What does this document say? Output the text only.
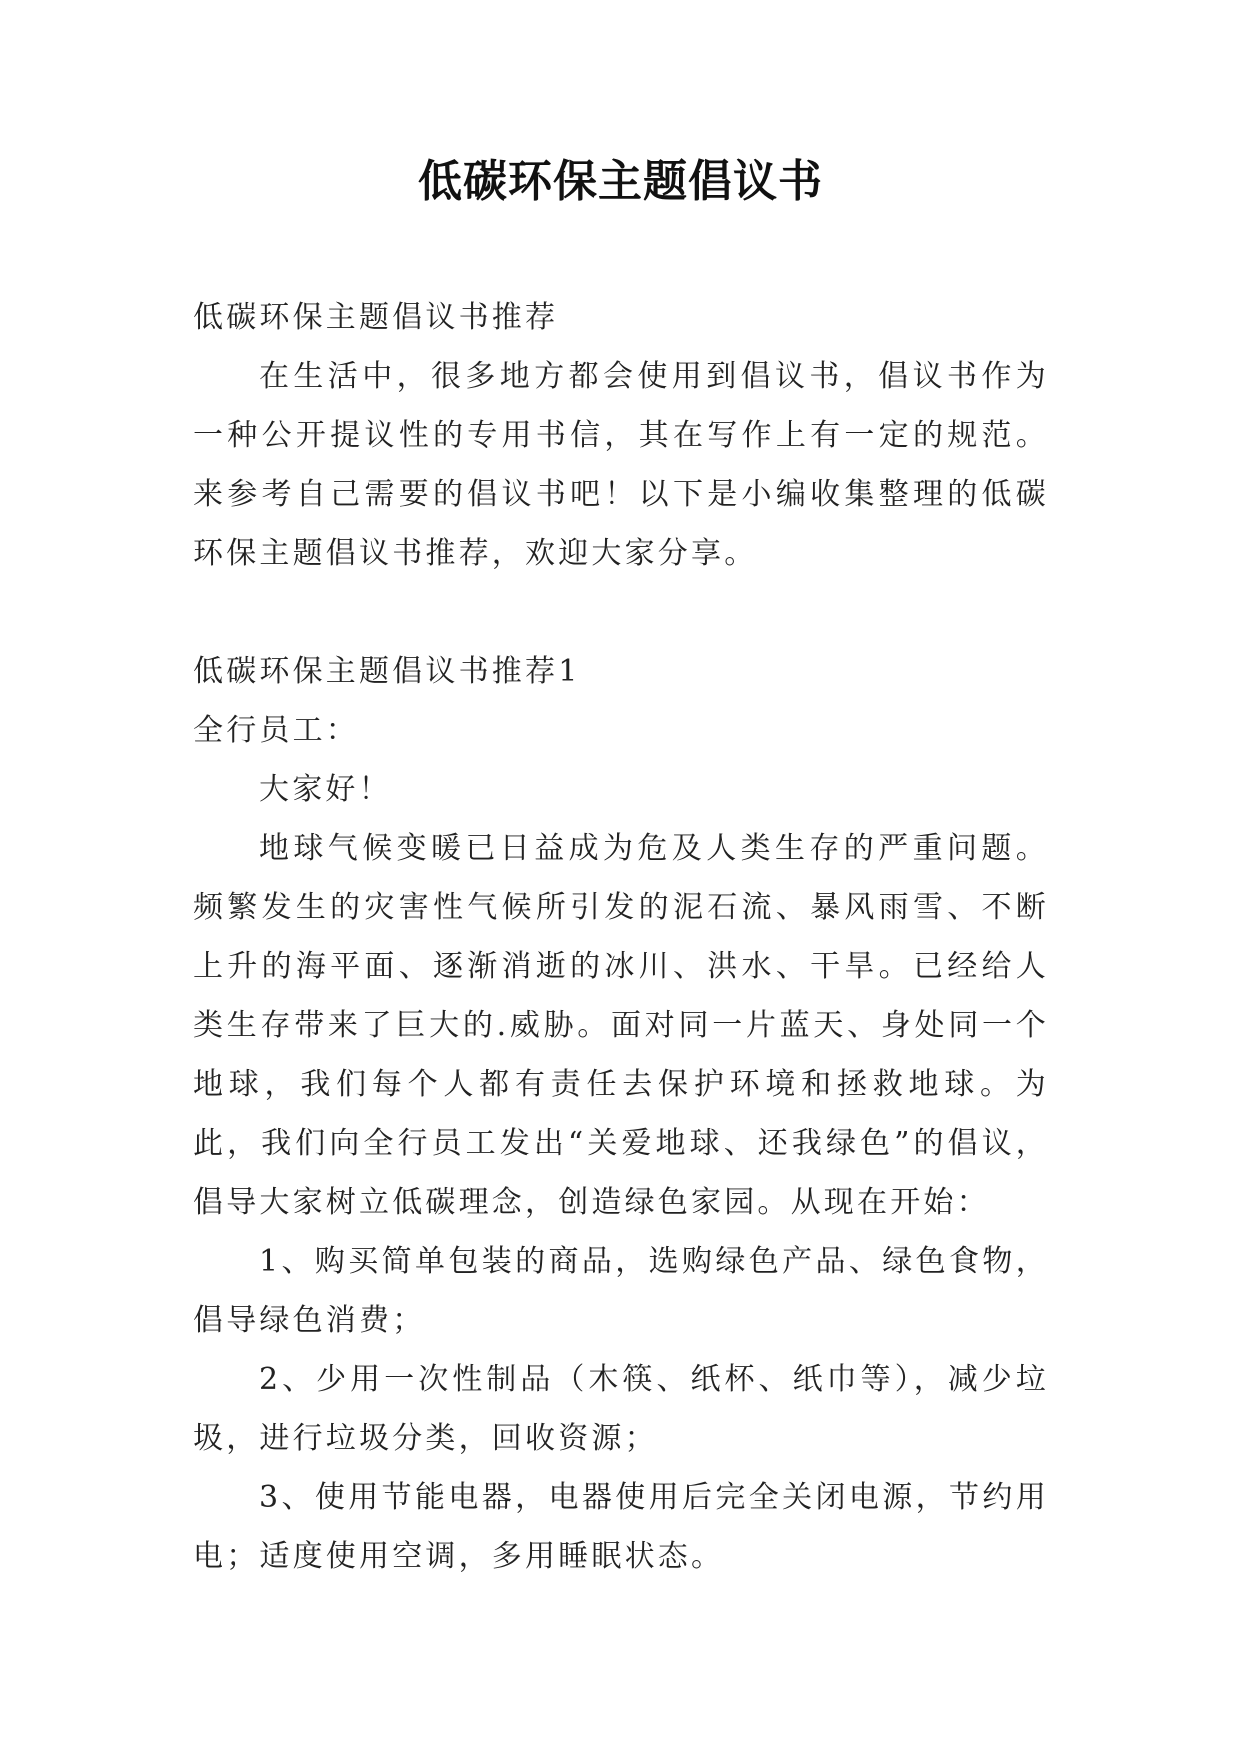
低碳环保主题倡议书

低碳环保主题倡议书推荐

在生活中，很多地方都会使用到倡议书，倡议书作为一种公开提议性的专用书信，其在写作上有一定的规范。来参考自己需要的倡议书吧！以下是小编收集整理的低碳环保主题倡议书推荐，欢迎大家分享。

低碳环保主题倡议书推荐1

全行员工：

大家好！

地球气候变暖已日益成为危及人类生存的严重问题。频繁发生的灾害性气候所引发的泥石流、暴风雨雪、不断上升的海平面、逐渐消逝的冰川、洪水、干旱。已经给人类生存带来了巨大的.威胁。面对同一片蓝天、身处同一个地球，我们每个人都有责任去保护环境和拯救地球。为此，我们向全行员工发出“关爱地球、还我绿色”的倡议，倡导大家树立低碳理念，创造绿色家园。从现在开始：

1、购买简单包装的商品，选购绿色产品、绿色食物，倡导绿色消费；

2、少用一次性制品（木筷、纸杯、纸巾等），减少垃圾，进行垃圾分类，回收资源；

3、使用节能电器，电器使用后完全关闭电源，节约用电；适度使用空调，多用睡眠状态。
